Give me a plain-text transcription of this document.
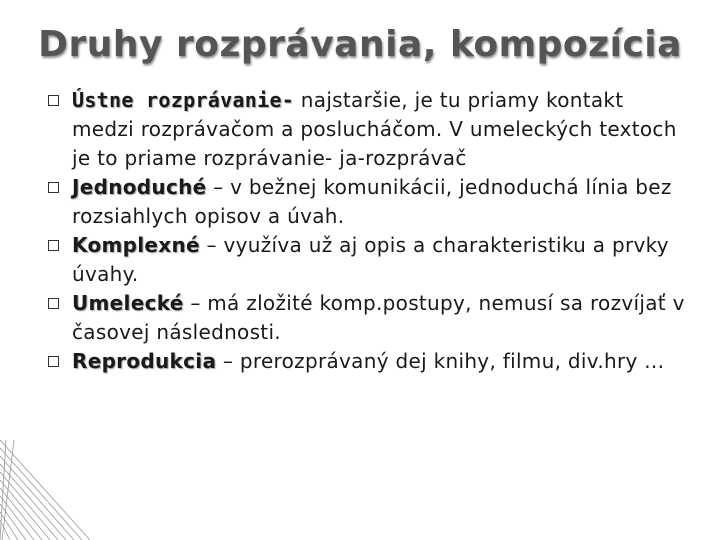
Druhy rozprávania, kompozícia
Ústne rozprávanie- najstaršie, je tu priamy kontakt medzi rozprávačom a poslucháčom. V umeleckých textoch je to priame rozprávanie- ja-rozprávač
Jednoduché – v bežnej komunikácii, jednoduchá línia bez rozsiahlych opisov a úvah.
Komplexné – využíva už aj opis a charakteristiku a prvky úvahy.
Umelecké – má zložité komp.postupy, nemusí sa rozvíjať v časovej následnosti.
Reprodukcia – prerozprávaný dej knihy, filmu, div.hry ...
